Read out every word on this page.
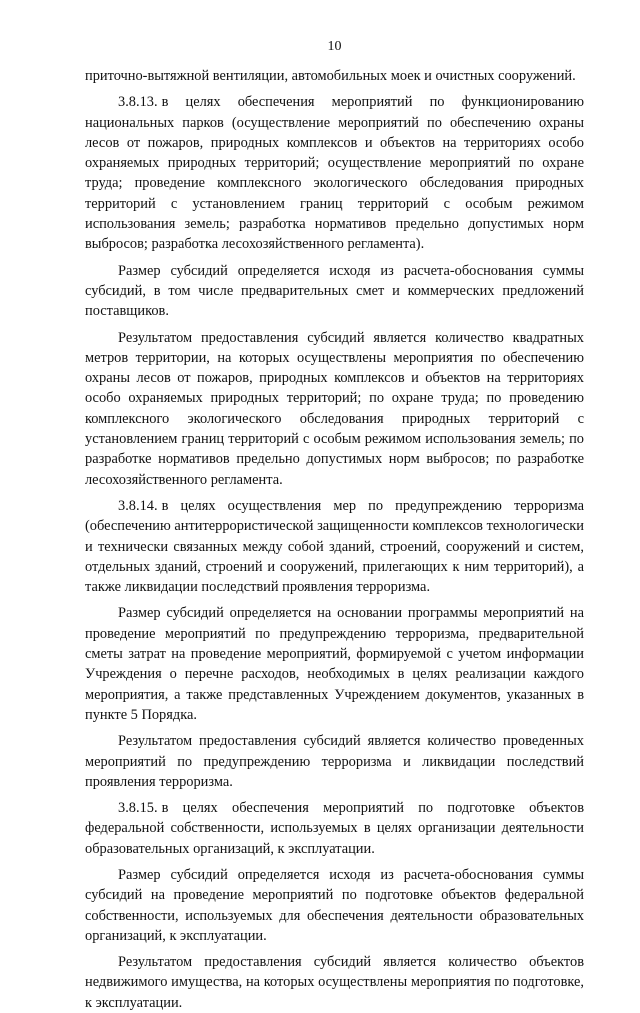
10

приточно-вытяжной вентиляции, автомобильных моек и очистных сооружений.

3.8.13. в целях обеспечения мероприятий по функционированию национальных парков (осуществление мероприятий по обеспечению охраны лесов от пожаров, природных комплексов и объектов на территориях особо охраняемых природных территорий; осуществление мероприятий по охране труда; проведение комплексного экологического обследования природных территорий с установлением границ территорий с особым режимом использования земель; разработка нормативов предельно допустимых норм выбросов; разработка лесохозяйственного регламента).

Размер субсидий определяется исходя из расчета-обоснования суммы субсидий, в том числе предварительных смет и коммерческих предложений поставщиков.

Результатом предоставления субсидий является количество квадратных метров территории, на которых осуществлены мероприятия по обеспечению охраны лесов от пожаров, природных комплексов и объектов на территориях особо охраняемых природных территорий; по охране труда; по проведению комплексного экологического обследования природных территорий с установлением границ территорий с особым режимом использования земель; по разработке нормативов предельно допустимых норм выбросов; по разработке лесохозяйственного регламента.

3.8.14. в целях осуществления мер по предупреждению терроризма (обеспечению антитеррористической защищенности комплексов технологически и технически связанных между собой зданий, строений, сооружений и систем, отдельных зданий, строений и сооружений, прилегающих к ним территорий), а также ликвидации последствий проявления терроризма.

Размер субсидий определяется на основании программы мероприятий на проведение мероприятий по предупреждению терроризма, предварительной сметы затрат на проведение мероприятий, формируемой с учетом информации Учреждения о перечне расходов, необходимых в целях реализации каждого мероприятия, а также представленных Учреждением документов, указанных в пункте 5 Порядка.

Результатом предоставления субсидий является количество проведенных мероприятий по предупреждению терроризма и ликвидации последствий проявления терроризма.

3.8.15. в целях обеспечения мероприятий по подготовке объектов федеральной собственности, используемых в целях организации деятельности образовательных организаций, к эксплуатации.

Размер субсидий определяется исходя из расчета-обоснования суммы субсидий на проведение мероприятий по подготовке объектов федеральной собственности, используемых для обеспечения деятельности образовательных организаций, к эксплуатации.

Результатом предоставления субсидий является количество объектов недвижимого имущества, на которых осуществлены мероприятия по подготовке, к эксплуатации.
